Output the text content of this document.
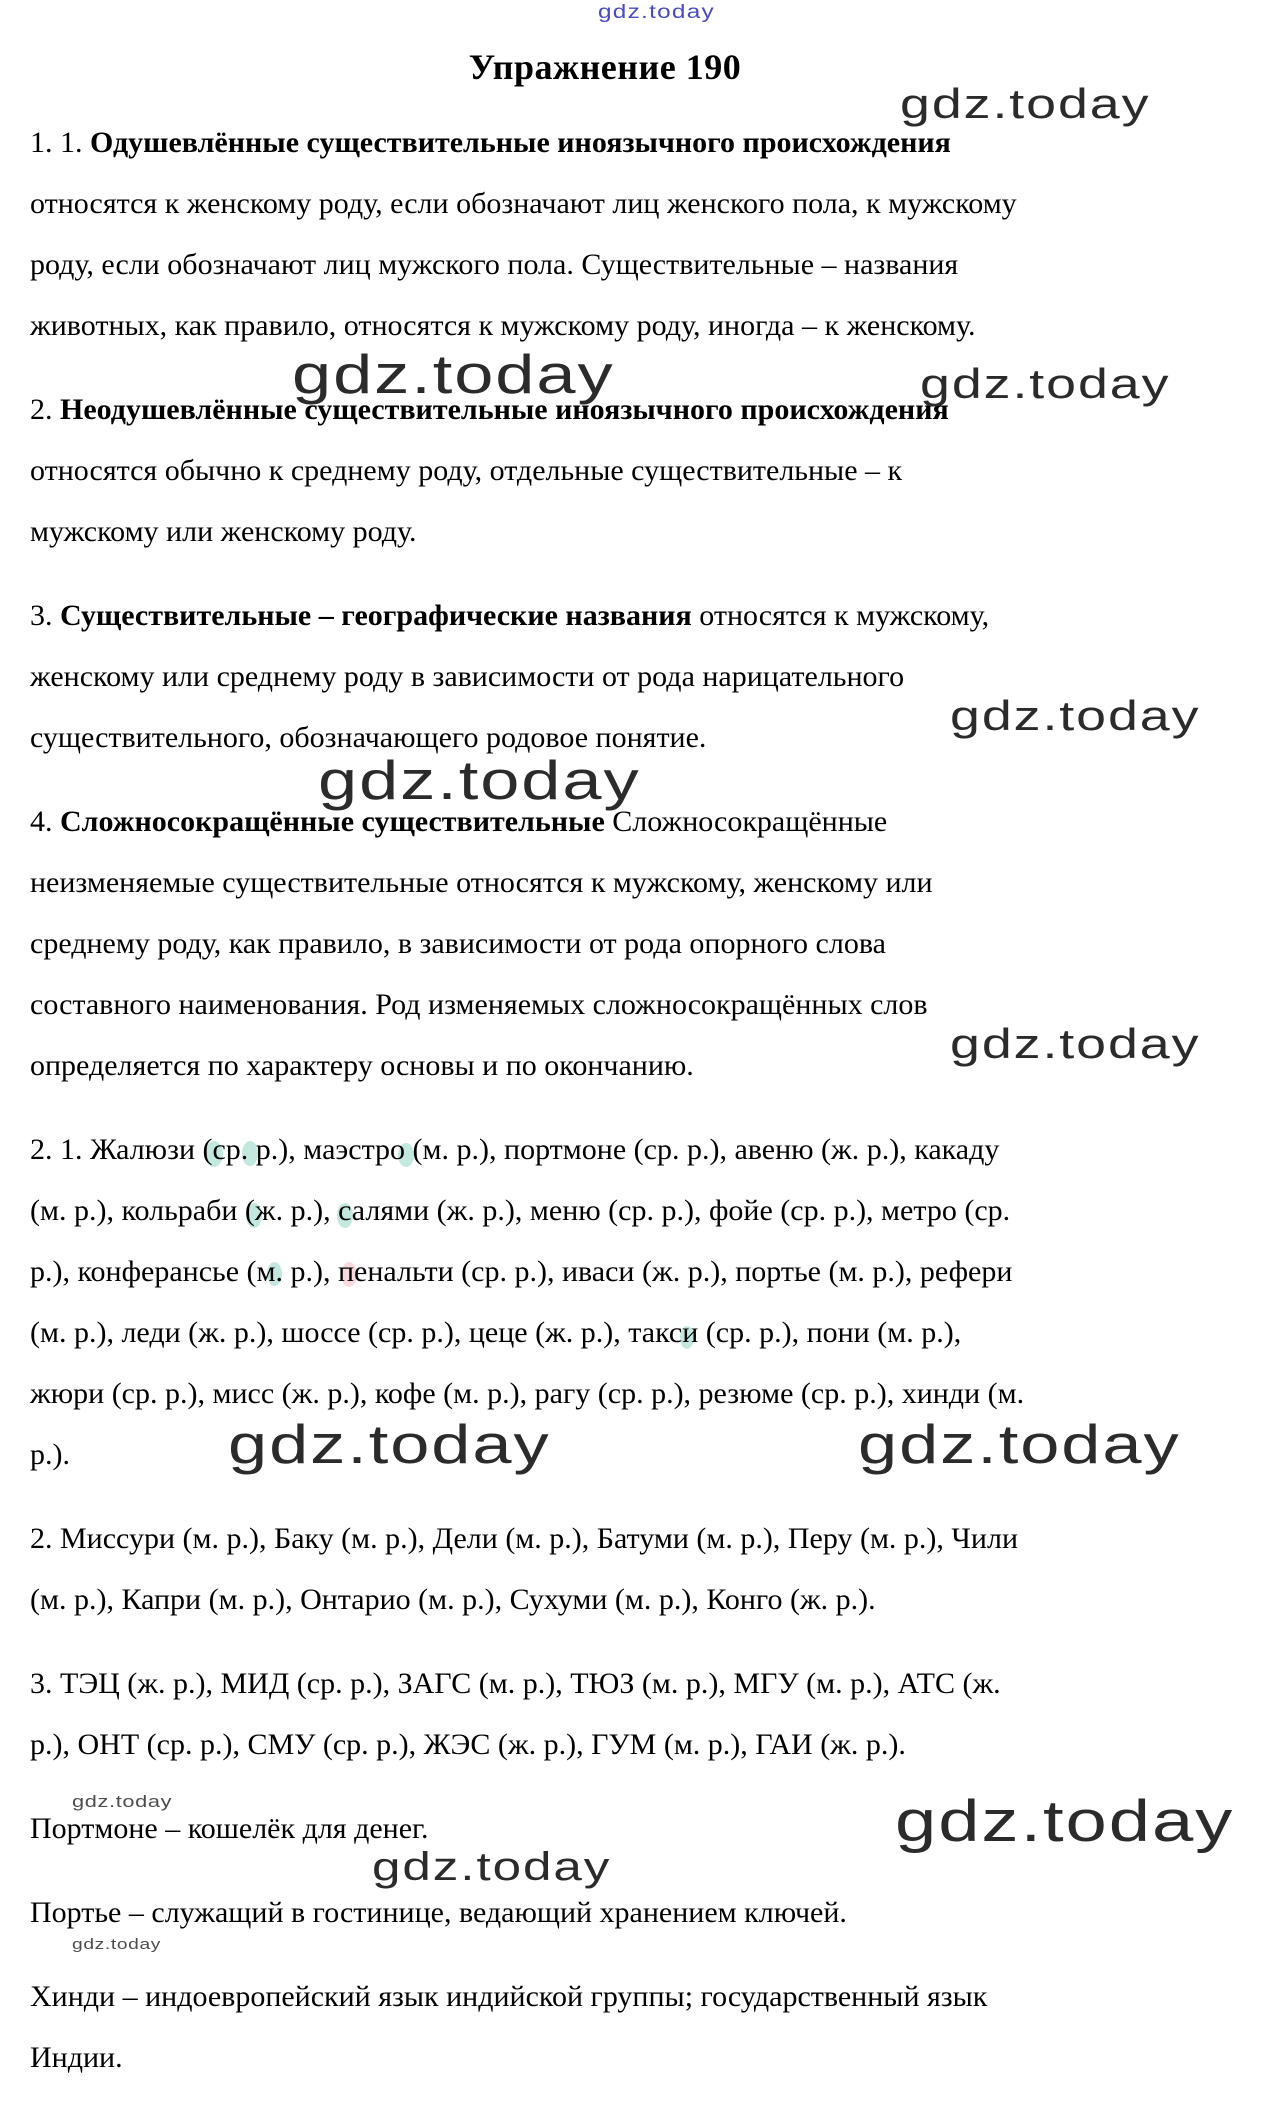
gdz.today
gdz.today
gdz.today	gdz.today
gdz.today
gdz.today
gdz.today
gdz.today	gdz.today
gdz.today	gdz.today
gdz.today
gdz.today
Упражнение 190
1. 1. Одушевлённые существительные иноязычного происхождения
относятся к женскому роду, если обозначают лиц женского пола, к мужскому
роду, если обозначают лиц мужского пола. Существительные – названия
животных, как правило, относятся к мужскому роду, иногда – к женскому.
2. Неодушевлённые существительные иноязычного происхождения
относятся обычно к среднему роду, отдельные существительные – к
мужскому или женскому роду.
3. Существительные – географические названия относятся к мужскому,
женскому или среднему роду в зависимости от рода нарицательного
существительного, обозначающего родовое понятие.
4. Сложносокращённые существительные Сложносокращённые
неизменяемые существительные относятся к мужскому, женскому или
среднему роду, как правило, в зависимости от рода опорного слова
составного наименования. Род изменяемых сложносокращённых слов
определяется по характеру основы и по окончанию.
2. 1. Жалюзи (ср. р.), маэстро (м. р.), портмоне (ср. р.), авеню (ж. р.), какаду
(м. р.), кольраби (ж. р.), салями (ж. р.), меню (ср. р.), фойе (ср. р.), метро (ср.
р.), конферансье (м. р.), пенальти (ср. р.), иваси (ж. р.), портье (м. р.), рефери
(м. р.), леди (ж. р.), шоссе (ср. р.), цеце (ж. р.), такси (ср. р.), пони (м. р.),
жюри (ср. р.), мисс (ж. р.), кофе (м. р.), рагу (ср. р.), резюме (ср. р.), хинди (м.
р.).
2. Миссури (м. р.), Баку (м. р.), Дели (м. р.), Батуми (м. р.), Перу (м. р.), Чили
(м. р.), Капри (м. р.), Онтарио (м. р.), Сухуми (м. р.), Конго (ж. р.).
3. ТЭЦ (ж. р.), МИД (ср. р.), ЗАГС (м. р.), ТЮЗ (м. р.), МГУ (м. р.), АТС (ж.
р.), ОНТ (ср. р.), СМУ (ср. р.), ЖЭС (ж. р.), ГУМ (м. р.), ГАИ (ж. р.).
Портмоне – кошелёк для денег.
Портье – служащий в гостинице, ведающий хранением ключей.
Хинди – индоевропейский язык индийской группы; государственный язык
Индии.
